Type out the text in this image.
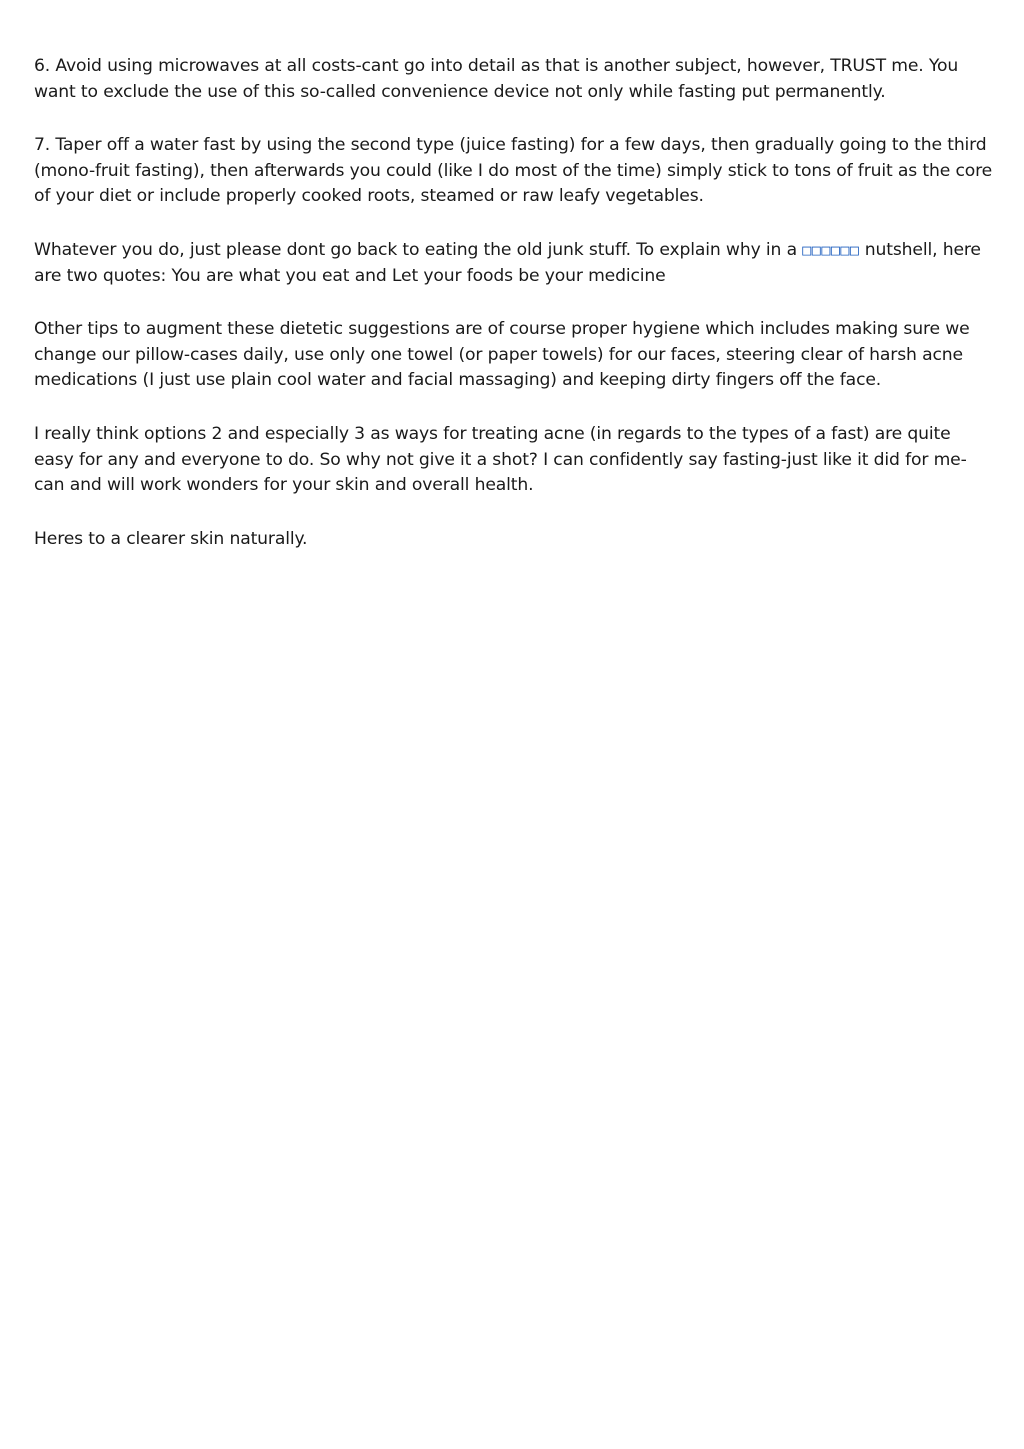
6. Avoid using microwaves at all costs-cant go into detail as that is another subject, however, TRUST me. You want to exclude the use of this so-called convenience device not only while fasting put permanently.

7. Taper off a water fast by using the second type (juice fasting) for a few days, then gradually going to the third (mono-fruit fasting), then afterwards you could (like I do most of the time) simply stick to tons of fruit as the core of your diet or include properly cooked roots, steamed or raw leafy vegetables.

Whatever you do, just please dont go back to eating the old junk stuff. To explain why in a □□□□□□ nutshell, here are two quotes: You are what you eat and Let your foods be your medicine

Other tips to augment these dietetic suggestions are of course proper hygiene which includes making sure we change our pillow-cases daily, use only one towel (or paper towels) for our faces, steering clear of harsh acne medications (I just use plain cool water and facial massaging) and keeping dirty fingers off the face.

I really think options 2 and especially 3 as ways for treating acne (in regards to the types of a fast) are quite easy for any and everyone to do. So why not give it a shot? I can confidently say fasting-just like it did for me-can and will work wonders for your skin and overall health.

Heres to a clearer skin naturally.
